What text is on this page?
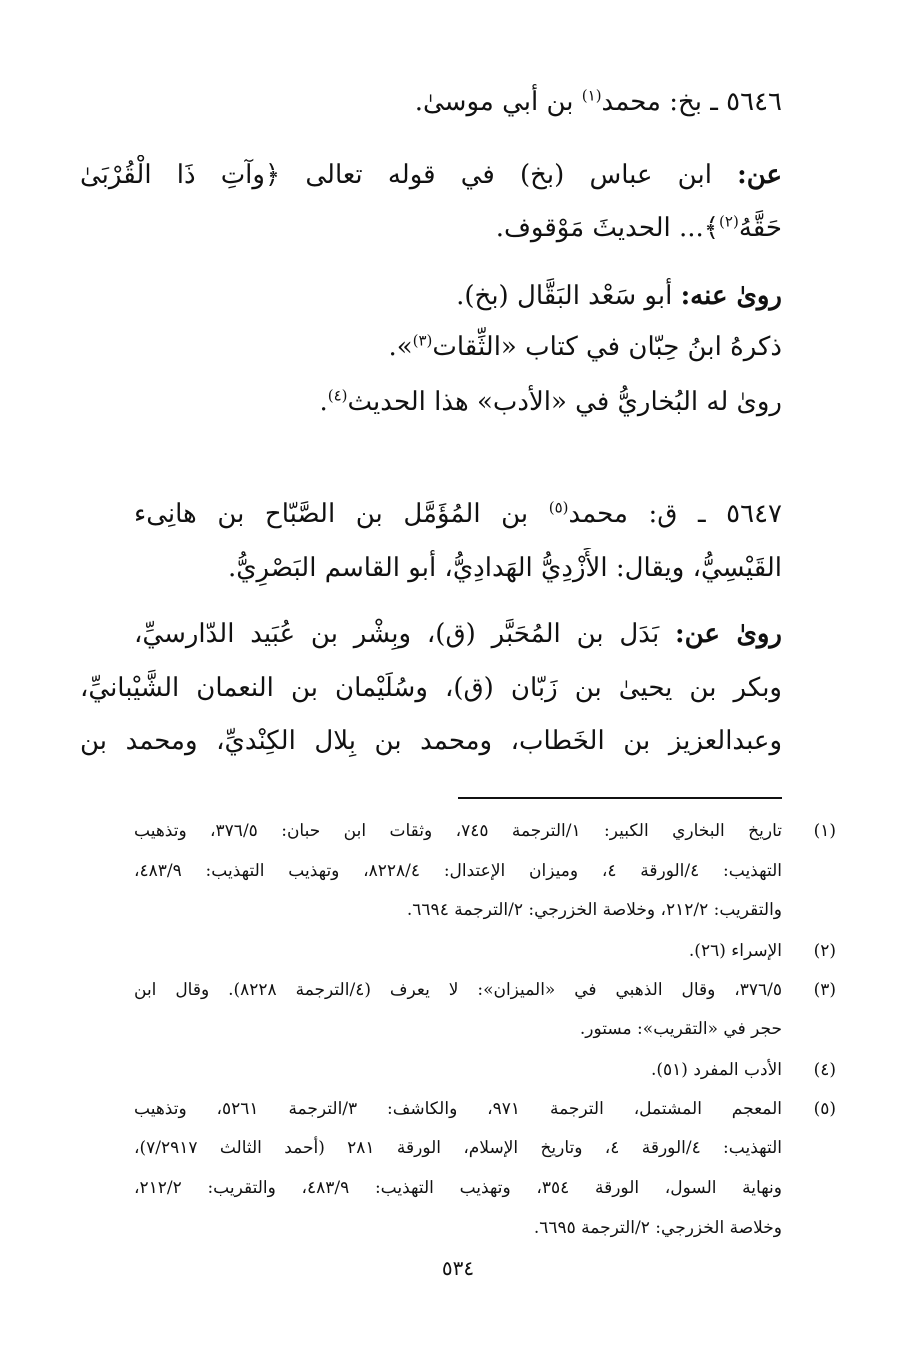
٥٦٤٦ ـ بخ: محمد$^{(١)}$ بن أبي موسىٰ.
عن: ابن عباس (بخ) في قوله تعالى ﴿وآتِ ذَا الْقُرْبَىٰ
حَقَّهُ$^{(٢)}$﴾... الحديثَ مَوْقوف.
روىٰ عنه: أبو سَعْد البَقَّال (بخ).
ذكرهُ ابنُ حِبّان في كتاب «الثِّقات$^{(٣)}$».
روىٰ له البُخاريُّ في «الأدب» هذا الحديث$^{(٤)}$.
٥٦٤٧ ـ ق: محمد$^{(٥)}$ بن المُؤَمَّل بن الصَّبّاح بن هانِىء
القَيْسِيُّ، ويقال: الأَزْدِيُّ الهَدادِيُّ، أبو القاسم البَصْرِيُّ.
روىٰ عن: بَدَل بن المُحَبَّر (ق)، وبِشْر بن عُبَيد الدّارسيِّ،
وبكر بن يحيىٰ بن زَبّان (ق)، وسُلَيْمان بن النعمان الشَّيْبانيِّ،
وعبدالعزيز بن الخَطاب، ومحمد بن بِلال الكِنْديِّ، ومحمد بن
(١)
تاريخ البخاري الكبير: ١/الترجمة ٧٤٥، وثقات ابن حبان: ٣٧٦/٥، وتذهيب
التهذيب: ٤/الورقة ٤، وميزان الإعتدال: ٨٢٢٨/٤، وتهذيب التهذيب: ٤٨٣/٩،
والتقريب: ٢١٢/٢، وخلاصة الخزرجي: ٢/الترجمة ٦٦٩٤.
(٢)
الإسراء (٢٦).
(٣)
٣٧٦/٥، وقال الذهبي في «الميزان»: لا يعرف (٤/الترجمة ٨٢٢٨). وقال ابن
حجر في «التقريب»: مستور.
(٤)
الأدب المفرد (٥١).
(٥)
المعجم المشتمل، الترجمة ٩٧١، والكاشف: ٣/الترجمة ٥٢٦١، وتذهيب
التهذيب: ٤/الورقة ٤، وتاريخ الإسلام، الورقة ٢٨١ (أحمد الثالث ٧/٢٩١٧)،
ونهاية السول، الورقة ٣٥٤، وتهذيب التهذيب: ٤٨٣/٩، والتقريب: ٢١٢/٢،
وخلاصة الخزرجي: ٢/الترجمة ٦٦٩٥.
٥٣٤
